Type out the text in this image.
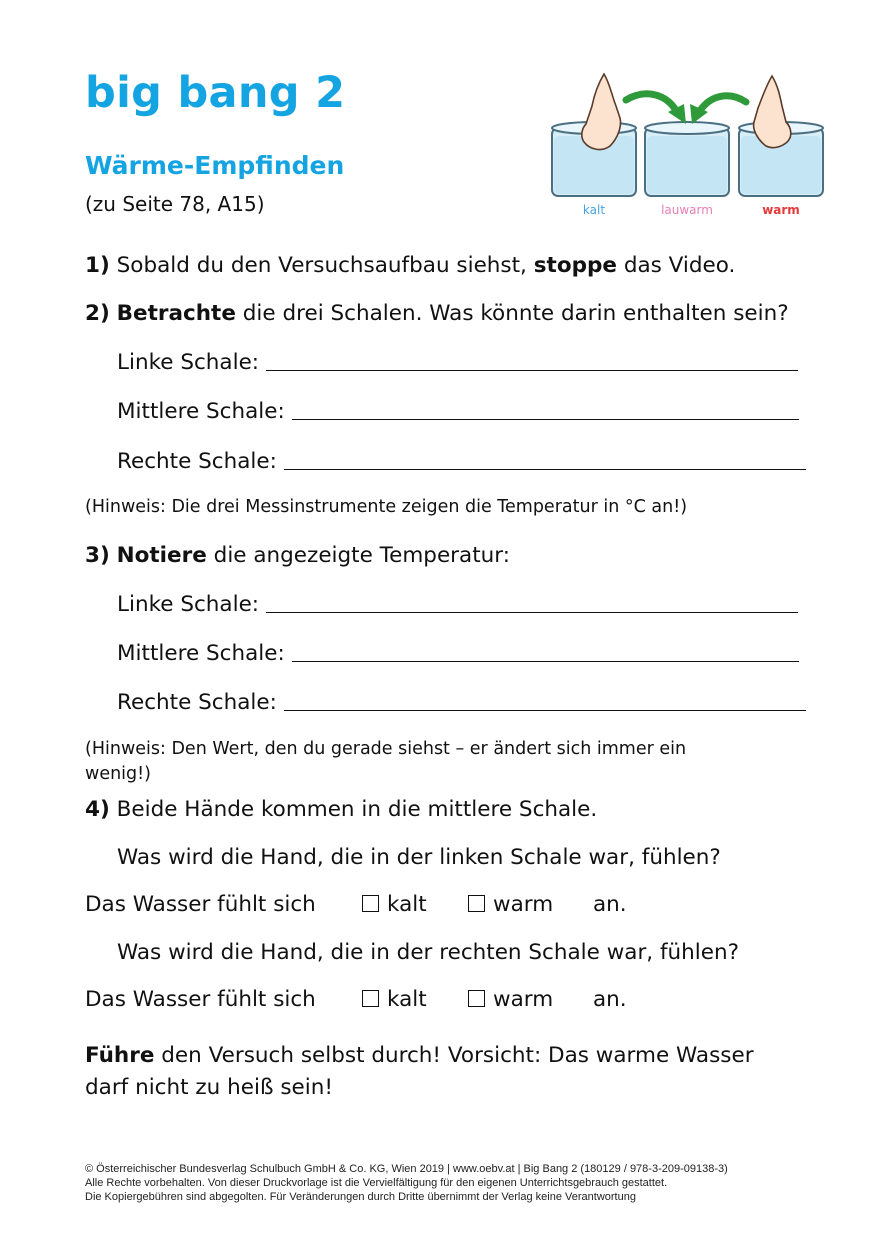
big bang 2
Wärme-Empfinden
(zu Seite 78, A15)	kalt	lauwarm	warm
1) Sobald du den Versuchsaufbau siehst, stoppe das Video.
2) Betrachte die drei Schalen. Was könnte darin enthalten sein?
Linke Schale:
Mittlere Schale:
Rechte Schale:
(Hinweis: Die drei Messinstrumente zeigen die Temperatur in °C an!)
3) Notiere die angezeigte Temperatur:
Linke Schale:
Mittlere Schale:
Rechte Schale:
(Hinweis: Den Wert, den du gerade siehst – er ändert sich immer ein
wenig!)
4) Beide Hände kommen in die mittlere Schale.
Was wird die Hand, die in der linken Schale war, fühlen?
Das Wasser fühlt sich	kalt	warm an.
Was wird die Hand, die in der rechten Schale war, fühlen?
Das Wasser fühlt sich	kalt	warm an.
Führe den Versuch selbst durch! Vorsicht: Das warme Wasser
darf nicht zu heiß sein!
© Österreichischer Bundesverlag Schulbuch GmbH & Co. KG, Wien 2019 | www.oebv.at | Big Bang 2 (180129 / 978-3-209-09138-3)
Alle Rechte vorbehalten. Von dieser Druckvorlage ist die Vervielfältigung für den eigenen Unterrichtsgebrauch gestattet.
Die Kopiergebühren sind abgegolten. Für Veränderungen durch Dritte übernimmt der Verlag keine Verantwortung
